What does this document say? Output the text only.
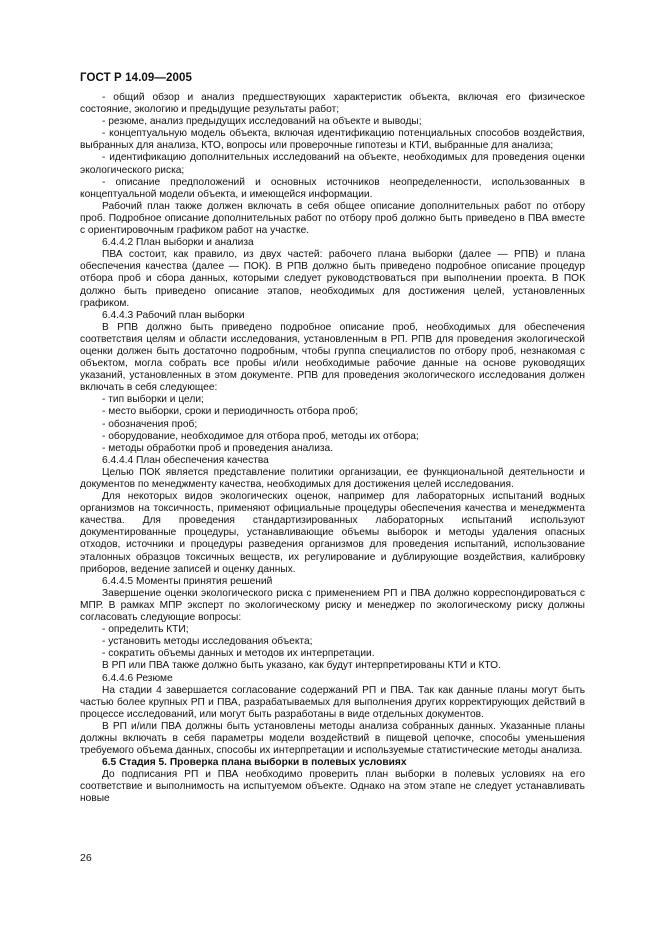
ГОСТ Р 14.09—2005

- общий обзор и анализ предшествующих характеристик объекта, включая его физическое состояние, экологию и предыдущие результаты работ;

- резюме, анализ предыдущих исследований на объекте и выводы;

- концептуальную модель объекта, включая идентификацию потенциальных способов воздействия, выбранных для анализа, КТО, вопросы или проверочные гипотезы и КТИ, выбранные для анализа;

- идентификацию дополнительных исследований на объекте, необходимых для проведения оценки экологического риска;

- описание предположений и основных источников неопределенности, использованных в концептуальной модели объекта, и имеющейся информации.

Рабочий план также должен включать в себя общее описание дополнительных работ по отбору проб. Подробное описание дополнительных работ по отбору проб должно быть приведено в ПВА вместе с ориентировочным графиком работ на участке.

6.4.4.2 План выборки и анализа

ПВА состоит, как правило, из двух частей: рабочего плана выборки (далее — РПВ) и плана обеспечения качества (далее — ПОК). В РПВ должно быть приведено подробное описание процедур отбора проб и сбора данных, которыми следует руководствоваться при выполнении проекта. В ПОК должно быть приведено описание этапов, необходимых для достижения целей, установленных графиком.

6.4.4.3 Рабочий план выборки

В РПВ должно быть приведено подробное описание проб, необходимых для обеспечения соответствия целям и области исследования, установленным в РП. РПВ для проведения экологической оценки должен быть достаточно подробным, чтобы группа специалистов по отбору проб, незнакомая с объектом, могла собрать все пробы и/или необходимые рабочие данные на основе руководящих указаний, установленных в этом документе. РПВ для проведения экологического исследования должен включать в себя следующее:

- тип выборки и цели;

- место выборки, сроки и периодичность отбора проб;

- обозначения проб;

- оборудование, необходимое для отбора проб, методы их отбора;

- методы обработки проб и проведения анализа.

6.4.4.4 План обеспечения качества

Целью ПОК является представление политики организации, ее функциональной деятельности и документов по менеджменту качества, необходимых для достижения целей исследования.

Для некоторых видов экологических оценок, например для лабораторных испытаний водных организмов на токсичность, применяют официальные процедуры обеспечения качества и менеджмента качества. Для проведения стандартизированных лабораторных испытаний используют документированные процедуры, устанавливающие объемы выборок и методы удаления опасных отходов, источники и процедуры разведения организмов для проведения испытаний, использование эталонных образцов токсичных веществ, их регулирование и дублирующие воздействия, калибровку приборов, ведение записей и оценку данных.

6.4.4.5 Моменты принятия решений

Завершение оценки экологического риска с применением РП и ПВА должно корреспондироваться с МПР. В рамках МПР эксперт по экологическому риску и менеджер по экологическому риску должны согласовать следующие вопросы:

- определить КТИ;

- установить методы исследования объекта;

- сократить объемы данных и методов их интерпретации.

В РП или ПВА также должно быть указано, как будут интерпретированы КТИ и КТО.

6.4.4.6 Резюме

На стадии 4 завершается согласование содержаний РП и ПВА. Так как данные планы могут быть частью более крупных РП и ПВА, разрабатываемых для выполнения других корректирующих действий в процессе исследований, или могут быть разработаны в виде отдельных документов.

В РП и/или ПВА должны быть установлены методы анализа собранных данных. Указанные планы должны включать в себя параметры модели воздействий в пищевой цепочке, способы уменьшения требуемого объема данных, способы их интерпретации и используемые статистические методы анализа.

6.5 Стадия 5. Проверка плана выборки в полевых условиях

До подписания РП и ПВА необходимо проверить план выборки в полевых условиях на его соответствие и выполнимость на испытуемом объекте. Однако на этом этапе не следует устанавливать новые

26
